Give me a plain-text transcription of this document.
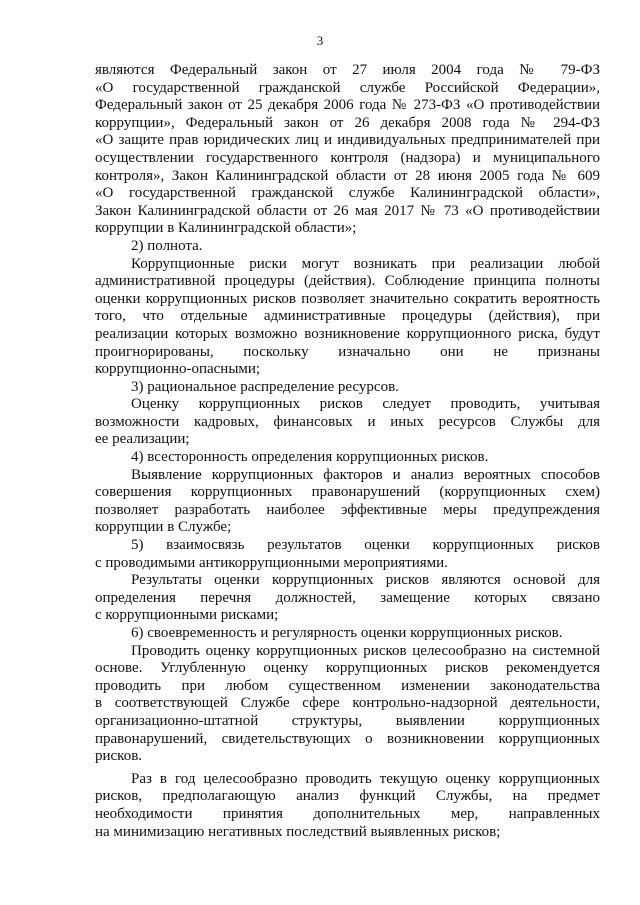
3
являются Федеральный закон от 27 июля 2004 года № 79-ФЗ
«О государственной гражданской службе Российской Федерации»,
Федеральный закон от 25 декабря 2006 года № 273-ФЗ «О противодействии
коррупции», Федеральный закон от 26 декабря 2008 года № 294-ФЗ
«О защите прав юридических лиц и индивидуальных предпринимателей при
осуществлении государственного контроля (надзора) и муниципального
контроля», Закон Калининградской области от 28 июня 2005 года № 609
«О государственной гражданской службе Калининградской области»,
Закон Калининградской области от 26 мая 2017 № 73 «О противодействии
коррупции в Калининградской области»;
2) полнота.
Коррупционные риски могут возникать при реализации любой
административной процедуры (действия). Соблюдение принципа полноты
оценки коррупционных рисков позволяет значительно сократить вероятность
того, что отдельные административные процедуры (действия), при
реализации которых возможно возникновение коррупционного риска, будут
проигнорированы, поскольку изначально они не признаны
коррупционно-опасными;
3) рациональное распределение ресурсов.
Оценку коррупционных рисков следует проводить, учитывая
возможности кадровых, финансовых и иных ресурсов Службы для
ее реализации;
4) всесторонность определения коррупционных рисков.
Выявление коррупционных факторов и анализ вероятных способов
совершения коррупционных правонарушений (коррупционных схем)
позволяет разработать наиболее эффективные меры предупреждения
коррупции в Службе;
5) взаимосвязь результатов оценки коррупционных рисков
с проводимыми антикоррупционными мероприятиями.
Результаты оценки коррупционных рисков являются основой для
определения перечня должностей, замещение которых связано
с коррупционными рисками;
6) своевременность и регулярность оценки коррупционных рисков.
Проводить оценку коррупционных рисков целесообразно на системной
основе. Углубленную оценку коррупционных рисков рекомендуется
проводить при любом существенном изменении законодательства
в соответствующей Службе сфере контрольно-надзорной деятельности,
организационно-штатной структуры, выявлении коррупционных
правонарушений, свидетельствующих о возникновении коррупционных
рисков.
Раз в год целесообразно проводить текущую оценку коррупционных
рисков, предполагающую анализ функций Службы, на предмет
необходимости принятия дополнительных мер, направленных
на минимизацию негативных последствий выявленных рисков;
